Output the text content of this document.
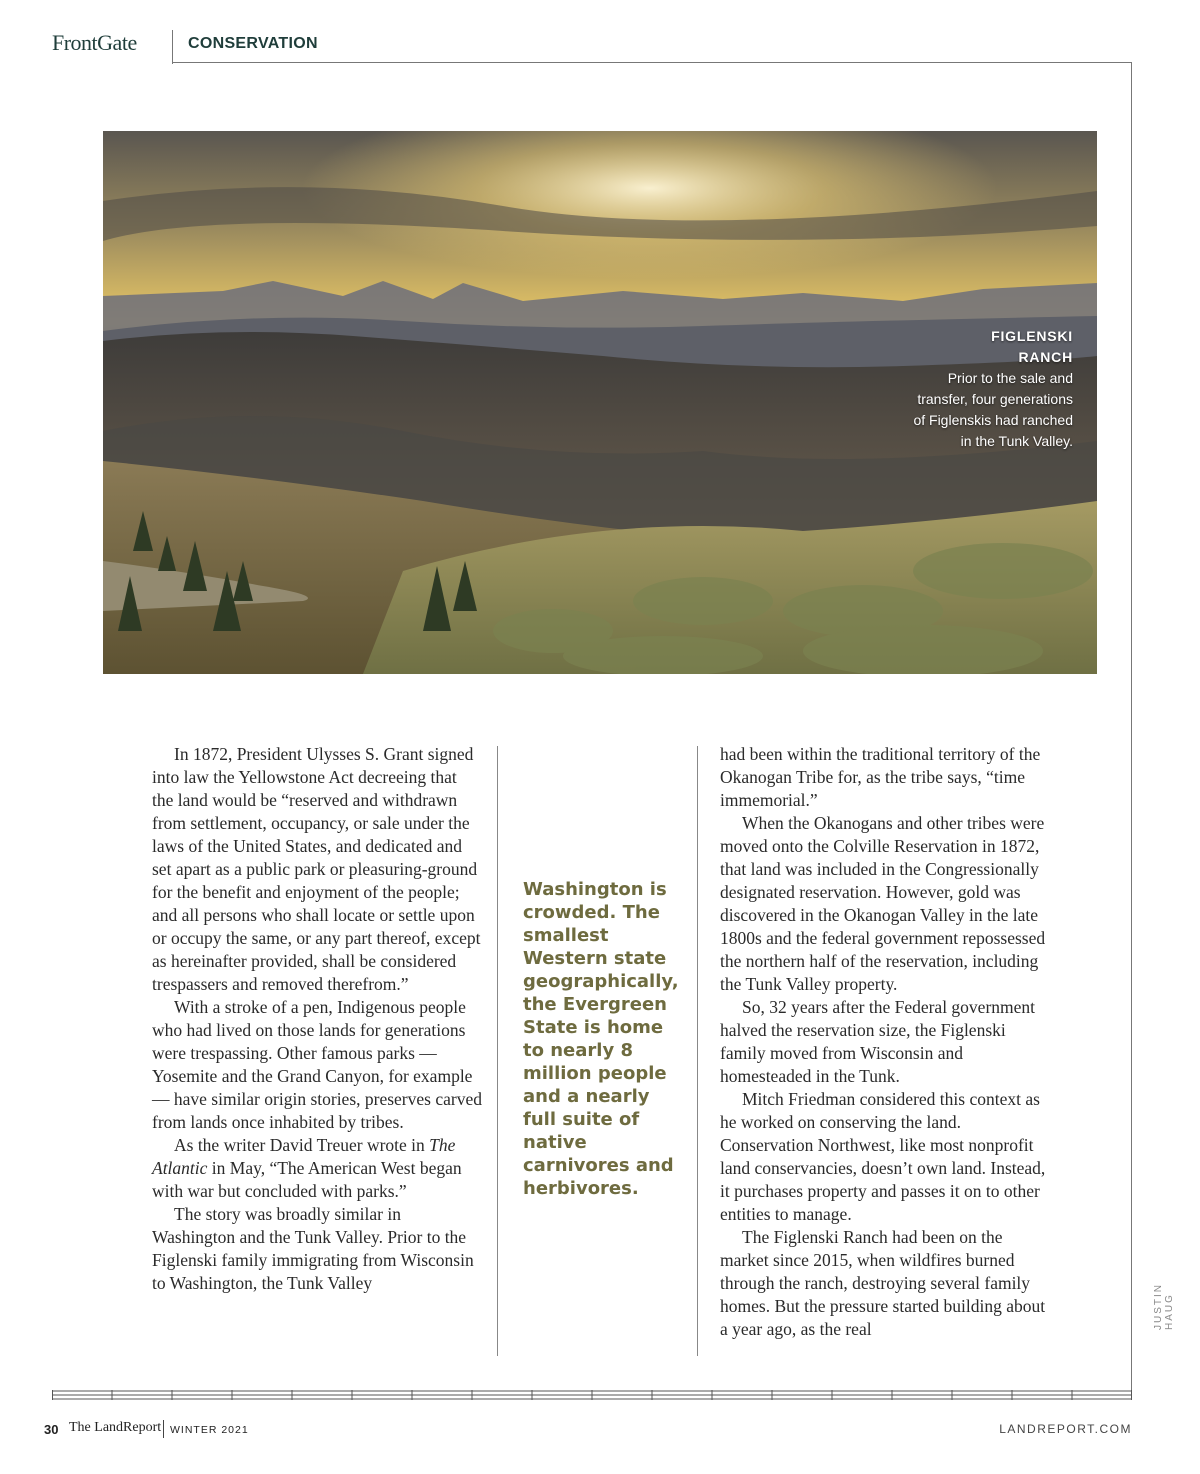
FrontGate	CONSERVATION
FIGLENSKI
RANCH
Prior to the sale and transfer, four generations of Figlenskis had ranched in the Tunk Valley.

In 1872, President Ulysses S. Grant signed into law the Yellowstone Act decreeing that the land would be “reserved and withdrawn from settlement, occupancy, or sale under the laws of the United States, and dedicated and set apart as a public park or pleasuring-ground for the benefit and enjoyment of the people; and all persons who shall locate or settle upon or occupy the same, or any part thereof, except as hereinafter provided, shall be considered trespassers and removed therefrom.”

With a stroke of a pen, Indigenous people who had lived on those lands for generations were trespassing. Other famous parks — Yosemite and the Grand Canyon, for example — have similar origin stories, preserves carved from lands once inhabited by tribes.

As the writer David Treuer wrote in The Atlantic in May, “The American West began with war but concluded with parks.”

The story was broadly similar in Washington and the Tunk Valley. Prior to the Figlenski family immigrating from Wisconsin to Washington, the Tunk Valley

Washington is crowded. The smallest Western state geographically, the Evergreen State is home to nearly 8 million people and a nearly full suite of native carnivores and herbivores.

had been within the traditional territory of the Okanogan Tribe for, as the tribe says, “time immemorial.”

When the Okanogans and other tribes were moved onto the Colville Reservation in 1872, that land was included in the Congressionally designated reservation. However, gold was discovered in the Okanogan Valley in the late 1800s and the federal government repossessed the northern half of the reservation, including the Tunk Valley property.

So, 32 years after the Federal government halved the reservation size, the Figlenski family moved from Wisconsin and homesteaded in the Tunk.

Mitch Friedman considered this context as he worked on conserving the land. Conservation Northwest, like most nonprofit land conservancies, doesn’t own land. Instead, it purchases property and passes it on to other entities to manage.

The Figlenski Ranch had been on the market since 2015, when wildfires burned through the ranch, destroying several family homes. But the pressure started building about a year ago, as the real	JUSTIN HAUG
30 The LandReport WINTER 2021	LANDREPORT.COM
